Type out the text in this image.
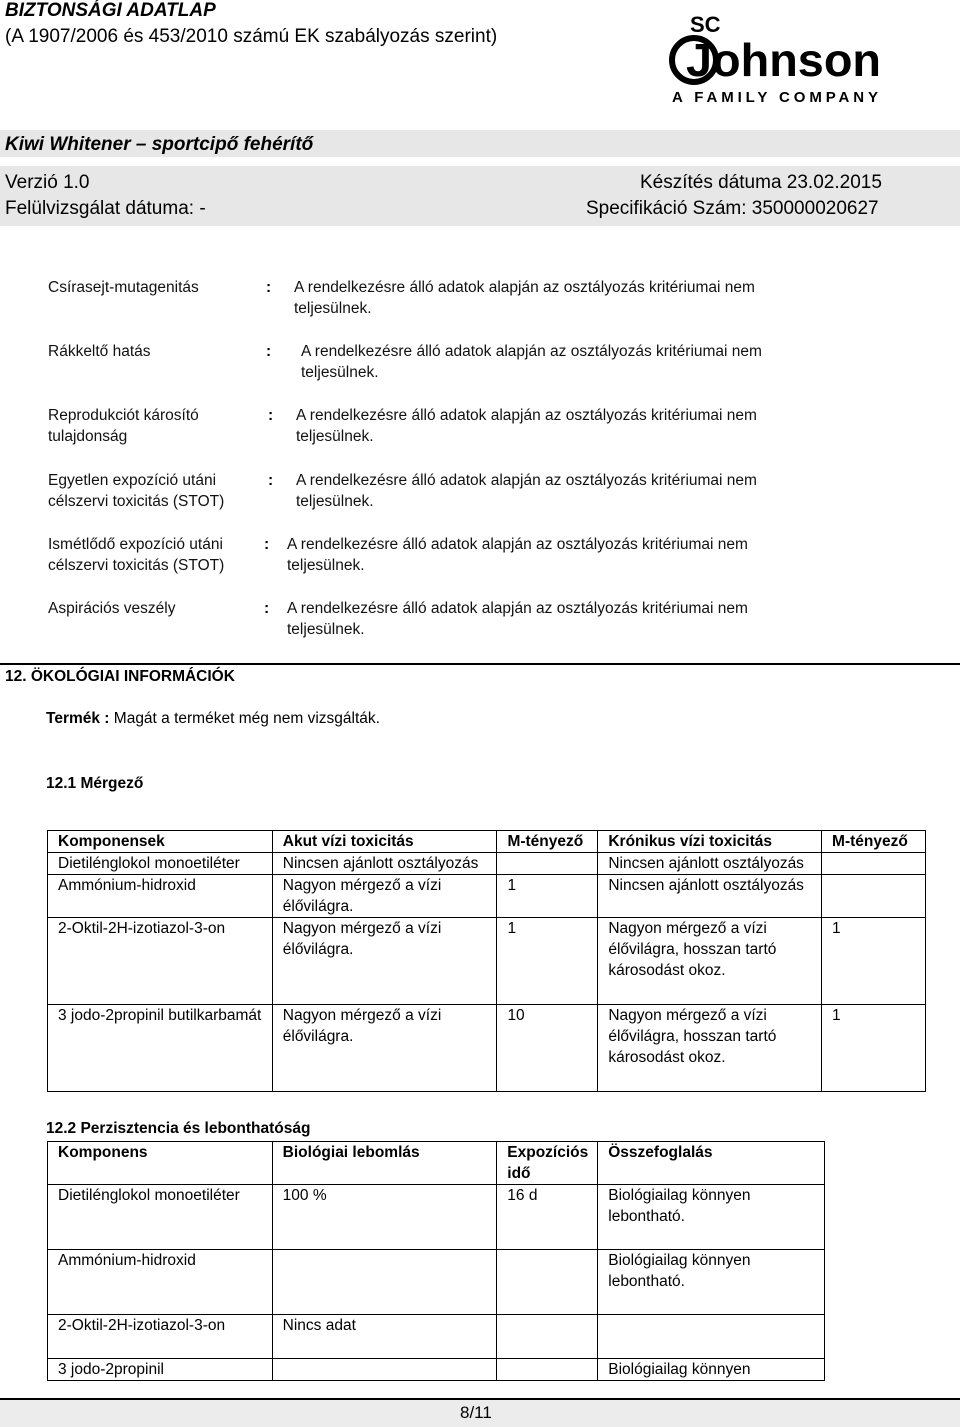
BIZTONSÁGI ADATLAP
(A 1907/2006 és 453/2010 számú EK szabályozás szerint)	SC
Johnson
A FAMILY COMPANY
Kiwi Whitener – sportcipő fehérítő
Verzió 1.0	Készítés dátuma 23.02.2015
Felülvizsgálat dátuma: -	Specifikáció Szám: 350000020627
Csírasejt-mutagenitás	: A rendelkezésre álló adatok alapján az osztályozás kritériumai nem teljesülnek.
Rákkeltő hatás	: A rendelkezésre álló adatok alapján az osztályozás kritériumai nem teljesülnek.
Reprodukciót károsító tulajdonság
: A rendelkezésre álló adatok alapján az osztályozás kritériumai nem teljesülnek.
Egyetlen expozíció utáni célszervi toxicitás (STOT)
: A rendelkezésre álló adatok alapján az osztályozás kritériumai nem teljesülnek.
Ismétlődő expozíció utáni célszervi toxicitás (STOT)
: A rendelkezésre álló adatok alapján az osztályozás kritériumai nem teljesülnek.
Aspirációs veszély	: A rendelkezésre álló adatok alapján az osztályozás kritériumai nem teljesülnek.
12. ÖKOLÓGIAI INFORMÁCIÓK
Termék : Magát a terméket még nem vizsgálták.
12.1 Mérgező
Komponensek	Akut vízi toxicitás	M-tényező	Krónikus vízi toxicitás	M-tényező
Dietilénglokol monoetiléter	Nincsen ajánlott osztályozás		Nincsen ajánlott osztályozás	
Ammónium-hidroxid	Nagyon mérgező a vízi élővilágra.	1	Nincsen ajánlott osztályozás	
2-Oktil-2H-izotiazol-3-on	Nagyon mérgező a vízi élővilágra.	1	Nagyon mérgező a vízi élővilágra, hosszan tartó károsodást okoz.	1
3 jodo-2propinil butilkarbamát	Nagyon mérgező a vízi élővilágra.	10	Nagyon mérgező a vízi élővilágra, hosszan tartó károsodást okoz.	1
12.2 Perzisztencia és lebonthatóság
Komponens	Biológiai lebomlás	Expozíciós idő	Összefoglalás
Dietilénglokol monoetiléter	100 %	16 d	Biológiailag könnyen lebontható.
Ammónium-hidroxid			Biológiailag könnyen lebontható.
2-Oktil-2H-izotiazol-3-on	Nincs adat		
3 jodo-2propinil			Biológiailag könnyen
8/11
